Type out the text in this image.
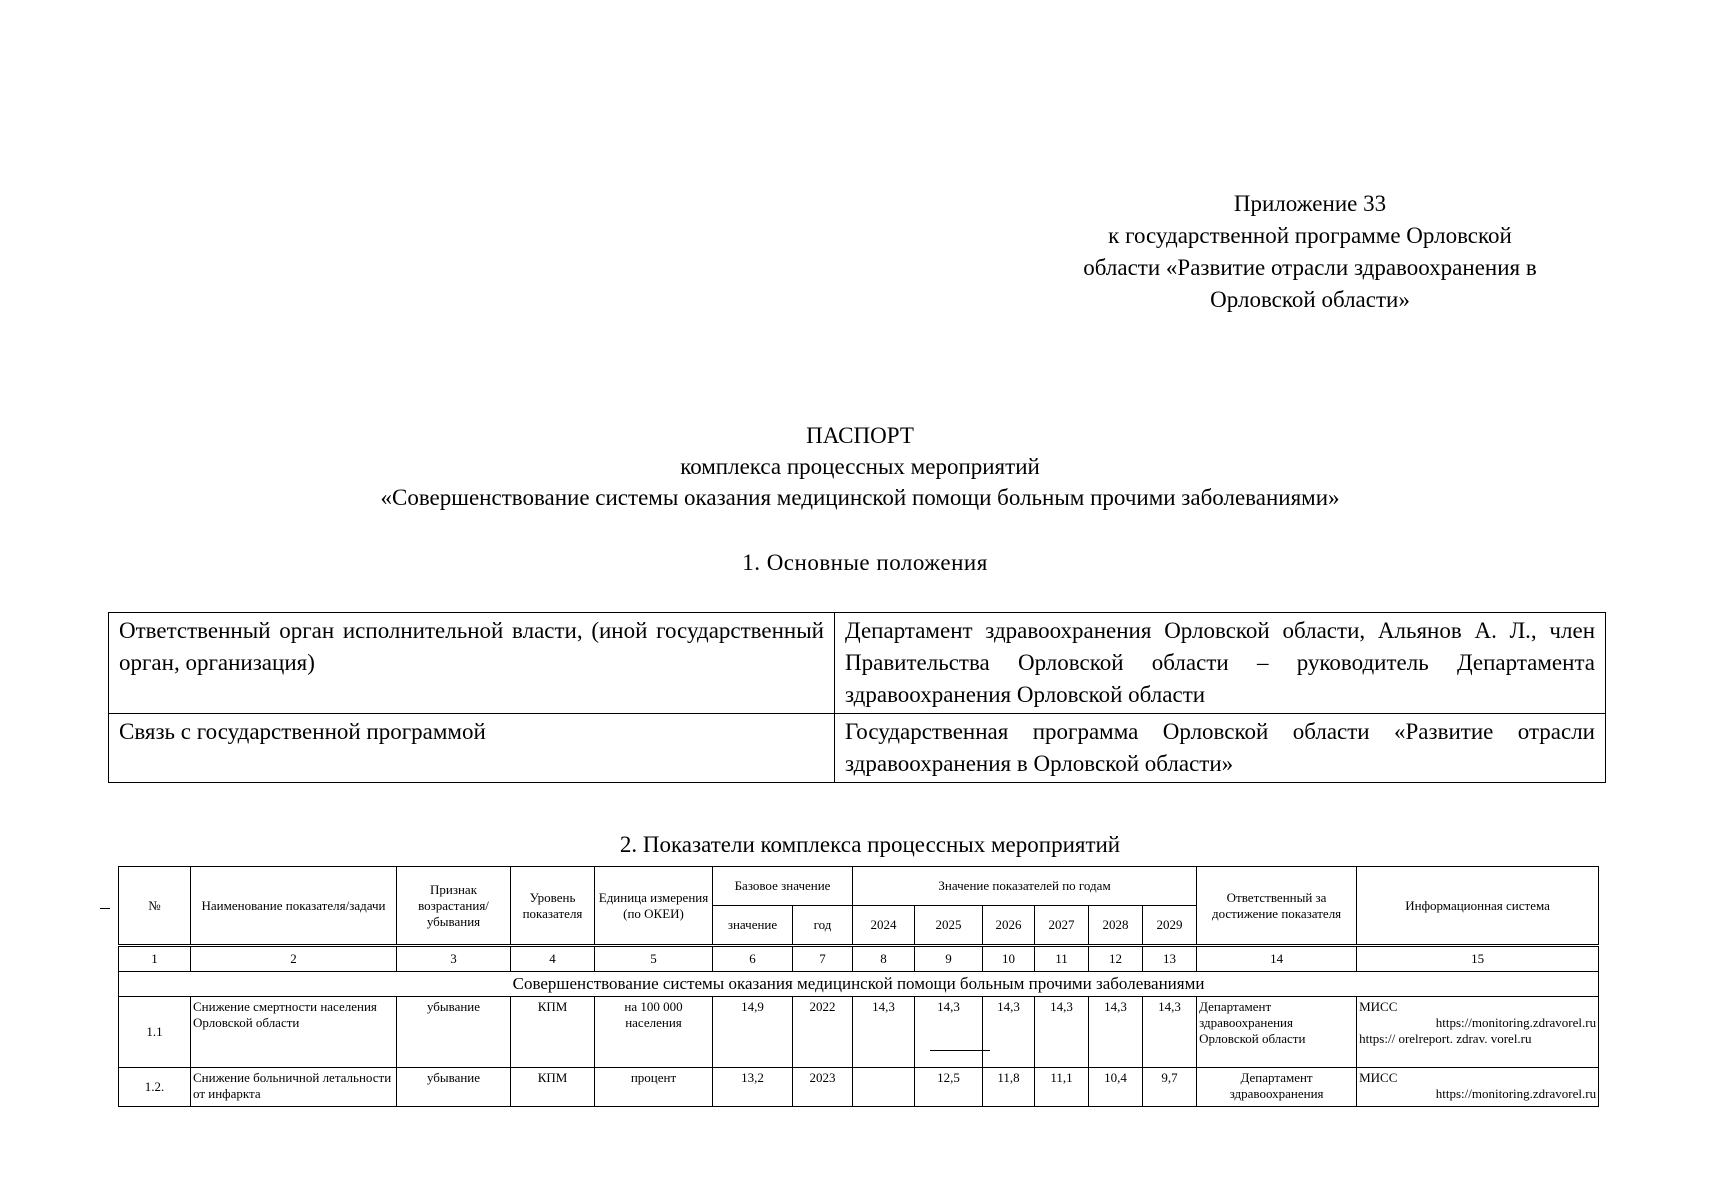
Приложение 33
к государственной программе Орловской
области «Развитие отрасли здравоохранения в
Орловской области»
ПАСПОРТ
комплекса процессных мероприятий
«Совершенствование системы оказания медицинской помощи больным прочими заболеваниями»
1. Основные положения
Ответственный орган исполнительной власти, (иной государственный орган, организация)	Департамент здравоохранения Орловской области, Альянов А. Л., член Правительства Орловской области – руководитель Департамента здравоохранения Орловской области
Связь с государственной программой	Государственная программа Орловской области «Развитие отрасли здравоохранения в Орловской области»
2. Показатели комплекса процессных мероприятий
№	Наименование показателя/задачи	Признак возрастания/ убывания	Уровень показателя	Единица измерения (по ОКЕИ)	Базовое значение		Значение показателей по годам						Ответственный за достижение показателя	Информационная система
					значение	год	2024	2025	2026	2027	2028	2029		
1	2	3	4	5	6	7	8	9	10	11	12	13	14	15
Совершенствование системы оказания медицинской помощи больным прочими заболеваниями														
1.1	Снижение смертности населения Орловской области	убывание	КПМ	на 100 000 населения	14,9	2022	14,3	14,3	14,3	14,3	14,3	14,3	Департамент здравоохранения Орловской области	МИСС
https://monitoring.zdravorel.ru
https:// orelreport. zdrav. vorel.ru

1.2.	Снижение больничной летальности от инфаркта	убывание	КПМ	процент	13,2	2023		12,5	11,8	11,1	10,4	9,7	Департамент здравоохранения	МИСС
https://monitoring.zdravorel.ru
